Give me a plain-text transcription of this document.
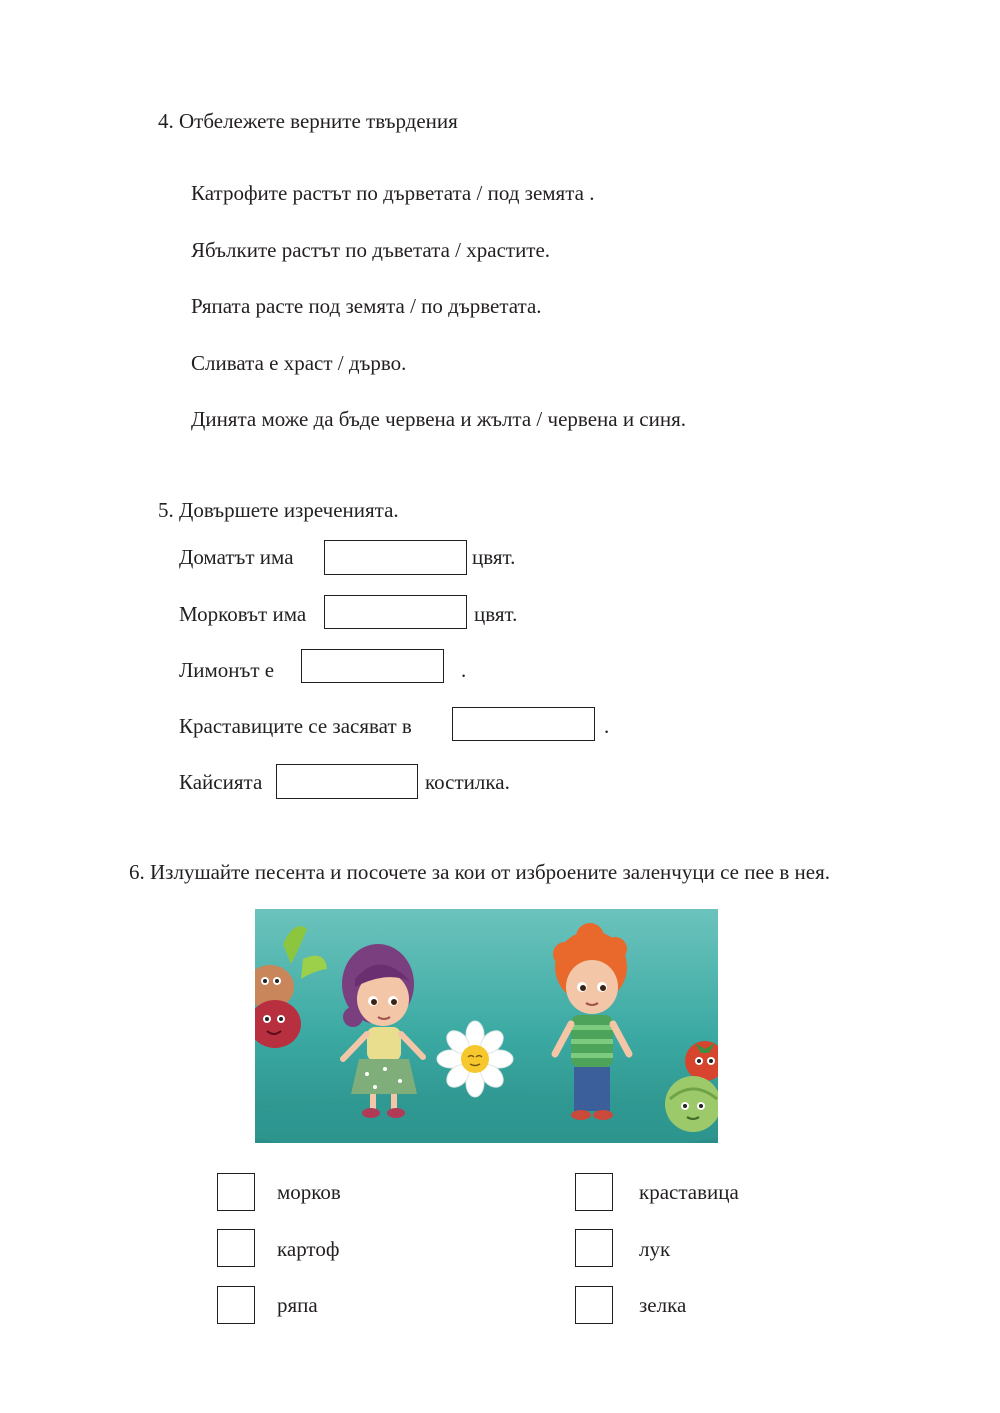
4. Отбележете верните твърдения
Катрофите растът по дърветата / под земята .
Ябълките растът по дъветата / храстите.
Ряпата расте под земята / по дърветата.
Сливата е храст / дърво.
Динята може да бъде червена и жълта / червена и синя.
5. Довършете изреченията.
Доматът има	цвят.
Морковът има	цвят.
Лимонът е	.
Краставиците се засяват в	.
Кайсията	костилка.
6. Излушайте песента и посочете за кои от изброените заленчуци се пее в нея.
морков
картоф
ряпа
краставица
лук
зелка
